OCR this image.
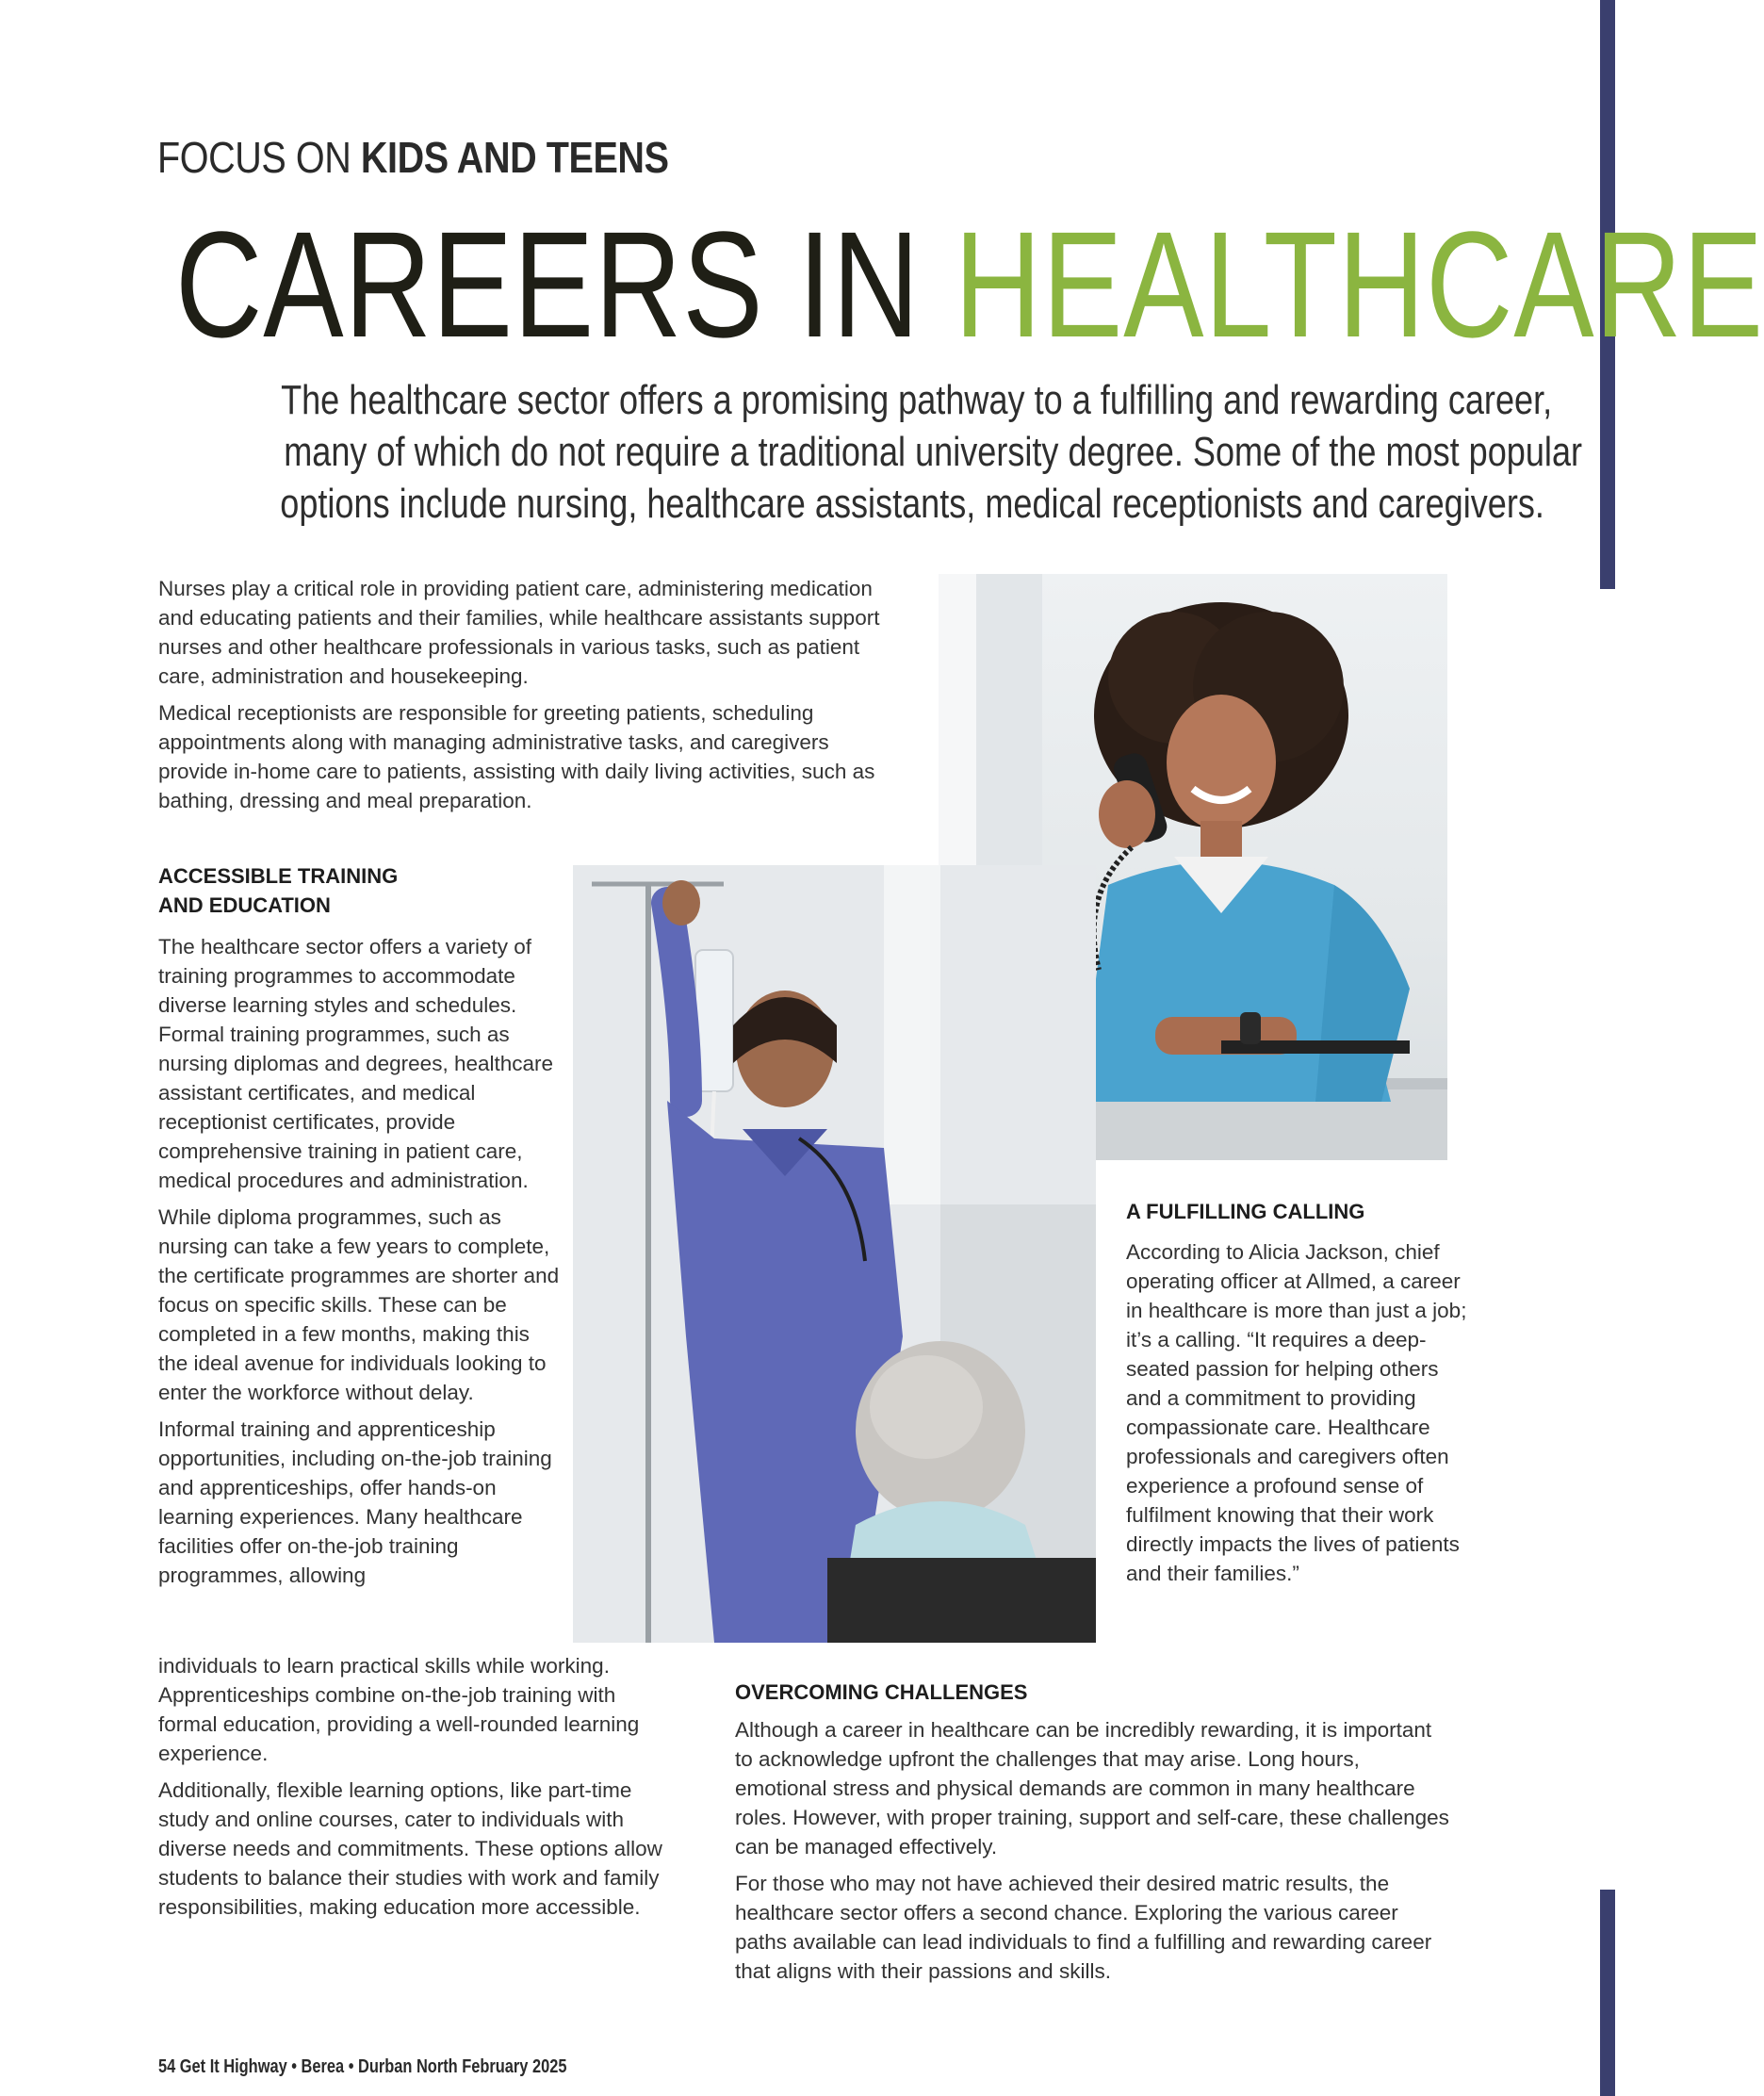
FOCUS ON KIDS AND TEENS
CAREERS IN HEALTHCARE
The healthcare sector offers a promising pathway to a fulfilling and rewarding career,
many of which do not require a traditional university degree. Some of the most popular
options include nursing, healthcare assistants, medical receptionists and caregivers.

Nurses play a critical role in providing patient care, administering medication and educating patients and their families, while healthcare assistants support nurses and other healthcare professionals in various tasks, such as patient care, administration and housekeeping.

Medical receptionists are responsible for greeting patients, scheduling appointments along with managing administrative tasks, and caregivers provide in-home care to patients, assisting with daily living activities, such as bathing, dressing and meal preparation.

ACCESSIBLE TRAINING AND EDUCATION

The healthcare sector offers a variety of training programmes to accommodate diverse learning styles and schedules. Formal training programmes, such as nursing diplomas and degrees, healthcare assistant certificates, and medical receptionist certificates, provide comprehensive training in patient care, medical procedures and administration.

While diploma programmes, such as nursing can take a few years to complete, the certificate programmes are shorter and focus on specific skills. These can be completed in a few months, making this the ideal avenue for individuals looking to enter the workforce without delay.

Informal training and apprenticeship opportunities, including on-the-job training and apprenticeships, offer hands-on learning experiences. Many healthcare facilities offer on-the-job training programmes, allowing

individuals to learn practical skills while working. Apprenticeships combine on-the-job training with formal education, providing a well-rounded learning experience.

Additionally, flexible learning options, like part-time study and online courses, cater to individuals with diverse needs and commitments. These options allow students to balance their studies with work and family responsibilities, making education more accessible.

A FULFILLING CALLING

According to Alicia Jackson, chief operating officer at Allmed, a career in healthcare is more than just a job; it’s a calling. “It requires a deep-seated passion for helping others and a commitment to providing compassionate care. Healthcare professionals and caregivers often experience a profound sense of fulfilment knowing that their work directly impacts the lives of patients and their families.”

OVERCOMING CHALLENGES

Although a career in healthcare can be incredibly rewarding, it is important to acknowledge upfront the challenges that may arise. Long hours, emotional stress and physical demands are common in many healthcare roles. However, with proper training, support and self-care, these challenges can be managed effectively.

For those who may not have achieved their desired matric results, the healthcare sector offers a second chance. Exploring the various career paths available can lead individuals to find a fulfilling and rewarding career that aligns with their passions and skills.

54 Get It Highway • Berea • Durban North February 2025
